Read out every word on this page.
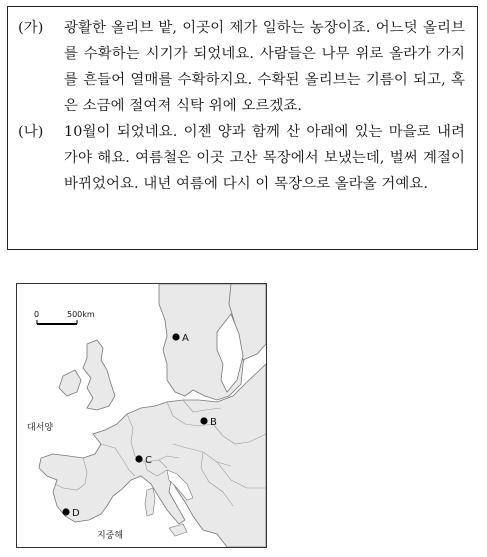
(가)	광활한 올리브 밭, 이곳이 제가 일하는 농장이죠. 어느덧 올리브를 수확하는 시기가 되었네요. 사람들은 나무 위로 올라가 가지를 흔들어 열매를 수확하지요. 수확된 올리브는 기름이 되고, 혹은 소금에 절여져 식탁 위에 오르겠죠.
(나)	10월이 되었네요. 이젠 양과 함께 산 아래에 있는 마을로 내려가야 해요. 여름철은 이곳 고산 목장에서 보냈는데, 벌써 계절이 바뀌었어요. 내년 여름에 다시 이 목장으로 올라올 거예요.
0	500km
대서양
지중해
A
B
C
D
